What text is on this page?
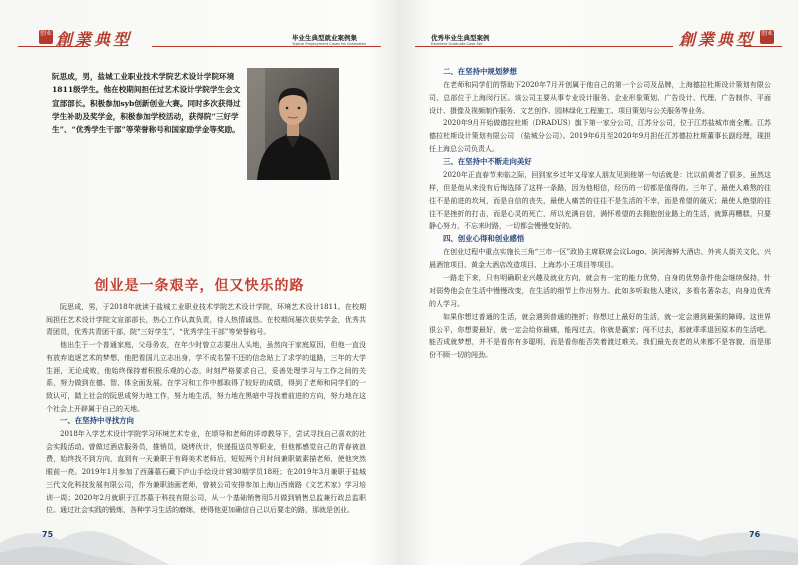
创业 創業典型	毕业生典型就业案例集
Typical Employment Cases for Graduates

阮思成，男，盐城工业职业技术学院艺术设计学院环境1811级学生。他在校期间担任过艺术设计学院学生会文宣部部长。积极参加syb创新创业大赛。同时多次获得过学生补助及奖学金，积极参加学校活动，获得院“三好学生”、“优秀学生干部”等荣誉称号和国家励学金等奖励。

创业是一条艰辛，但又快乐的路

阮思成，男，于2018年就读于盐城工业职业技术学院艺术设计学院，环境艺术设计1811。在校期间担任艺术设计学院文宣部部长，热心工作认真负责，待人热情诚恳。在校期间屡次获奖学金，优秀共青团员，优秀共青团干部，院“三好学生”、“优秀学生干部”等荣誉称号。

他出生于一个普通家庭，父母务农，在年少时曾立志要出人头地，虽然向于家庭原因，但他一直没有放弃追逐艺术的梦想，他把看国儿立志出身，学不成名誓不还的信念贴上了求学的道路，三年的大学生涯，无论成败，他始终保持着积极乐观的心态，时刻严格要求自己，妥善处理学习与工作之间的关系，努力做到在德、智、体全面发展。在学习和工作中都取得了较好的成绩，得到了老师和同学们的一致认可，踏上社会的阮思成努力地工作，努力地生活，努力地在黑暗中寻找着前进的方向，努力地在这个社会上开辟属于自己的天地。

一、在坚持中寻找方向

2018年入学艺术设计学院学习环境艺术专业，在颂导和老师的详谆教导下，尝试寻找自己喜欢的社会实践活动。曾做过酒店服务员，推销员，烧烤伙计，快递报送员等职业，但他都感觉自己的青春被浪费，始终找不到方向，直到有一天兼职于有碍美术老师后，短短两个月时间兼职做素描老师，使他突然眼前一亮。2019年1月参加了西藩墓石藏下庐山手绘设计营30期学员18班；在2019年3月兼职于盐城三代文化科技发展有限公司，作为兼职油画老师，曾被公司安排参加上海山西南路《文艺术家》学习培训一周；2020年2月就职于江苏墓于科技有限公司，从一个基础销售用5月做到销售总监兼行政总监职位。通过社会实践的锻炼，各种学习生活的磨练，使得他更加确信自己以后要走的路，那就是创业。

75
优秀毕业生典型案例
Excellent Graduate Case Set	創業典型 创业
二、在坚持中规划梦想

在老师和同学们的帮助下2020年7月开创属于他自己的第一个公司及品牌，上海德拉杜斯设计策划有限公司，总部位于上海闵行区。该公司主要从事专业设计服务、企业形象策划、广告设计、代理、广告制作、平面设计、摄像及视频制作服务、文艺创作、园林绿化工程施工、项目策划与公关服务等业务。

2020年9月开始做德拉杜斯（DRADUS）旗下第一家分公司，江苏分公司，位于江苏盐城市南全鹰。江苏德拉杜斯设计策划有限公司 （盐城分公司）。2019年6月至2020年9月担任江苏德拉杜斯董事长副经理，现担任上海总公司负责人。

三、在坚持中不断走向美好

2020年正直春节来临之际，回到家乡过年又母家人朋友见到他第一句话就是：比以前黄者了很多，虽然这样，但是他从来没有后悔选择了这样一条路，因为他相信，经历的一切都是值得的。三年了，最使人难熬的往往不是前进的坎坷，而是自信的丧失，最使人痛苦的往往不是生活的不幸，而是希望的破灭；最使人绝望的往往不是挫折的打击，而是心灵的死亡，所以充满自信，满怀希望的去拥抱创业路上的生活，就算再糟糕，只要静心努力，不忘来时路，一切都会慢慢变好的。

四、创业心得和创业感悟

在创业过程中重点实施长三角“三市一区”政协主席联席会议Logo、滨河海鲜大酒店、外宾人街关文化、兴晨酒馆项目、黄金大酒店改造项目、上海苏小王项目等项目。

一路走下来，只有明确职业兴趣及就业方向，就会有一定的能力优势，自身的优势条件他会继续保持，针对弱势他会在生活中慢慢改变，在生活的细节上作出努力。此如多听取他人建议，多看名著杂志，向身边优秀的人学习。

如果你想过普通的生活，就会遇到普通的挫折；你想过上最好的生活，就一定会遇到最强的障碍。这世界很公平，你想要最好，就一定会给你最痛，能闯过去，你就是赢家；闯不过去，那就乖乖退回原本的生活吧。能否成就梦想，并不是看你有多聪明，而是看你能否笑着渡过难关。我们最先丧老的从来都不是容貌，而是那份不顾一切的闯劲。

76
